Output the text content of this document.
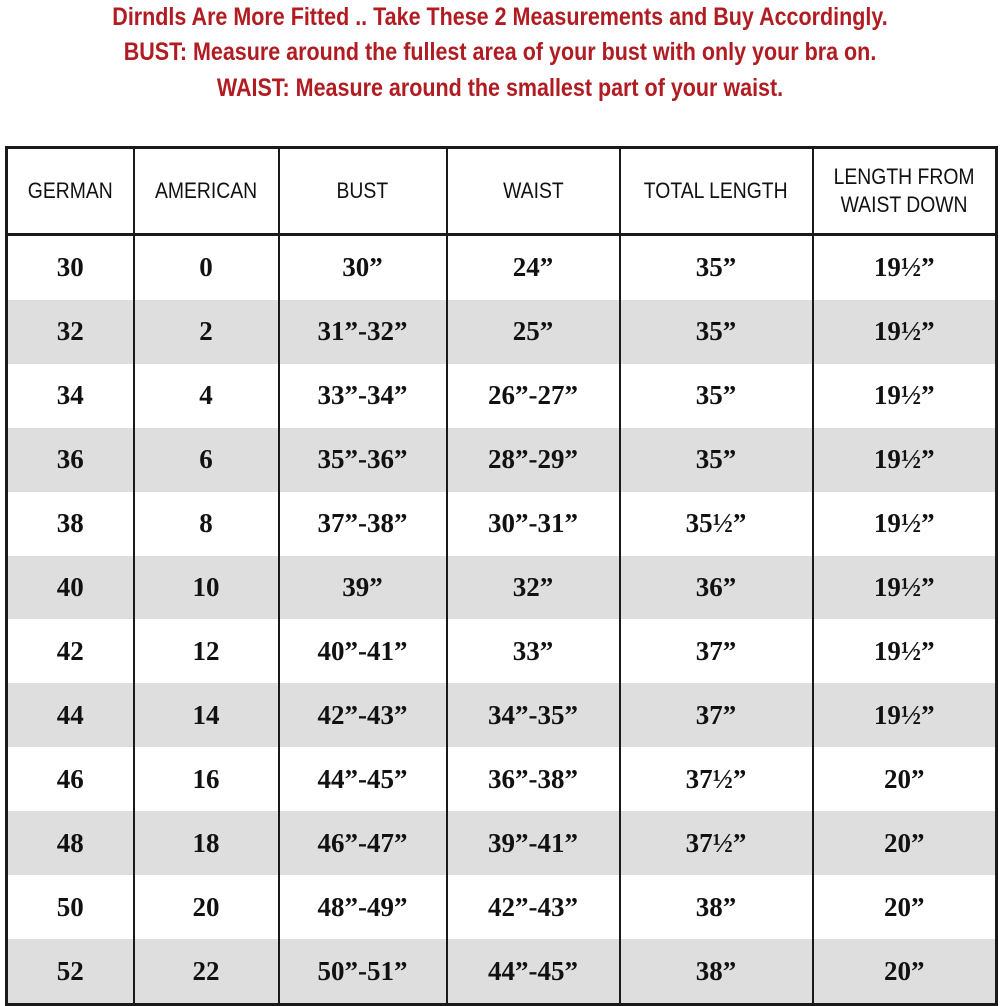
Dirndls Are More Fitted .. Take These 2 Measurements and Buy Accordingly.
BUST: Measure around the fullest area of your bust with only your bra on.
WAIST: Measure around the smallest part of your waist.
GERMAN	AMERICAN	BUST	WAIST	TOTAL LENGTH	LENGTH FROM
WAIST DOWN
30	0	30”	24”	35”	19½”
32	2	31”-32”	25”	35”	19½”
34	4	33”-34”	26”-27”	35”	19½”
36	6	35”-36”	28”-29”	35”	19½”
38	8	37”-38”	30”-31”	35½”	19½”
40	10	39”	32”	36”	19½”
42	12	40”-41”	33”	37”	19½”
44	14	42”-43”	34”-35”	37”	19½”
46	16	44”-45”	36”-38”	37½”	20”
48	18	46”-47”	39”-41”	37½”	20”
50	20	48”-49”	42”-43”	38”	20”
52	22	50”-51”	44”-45”	38”	20”
